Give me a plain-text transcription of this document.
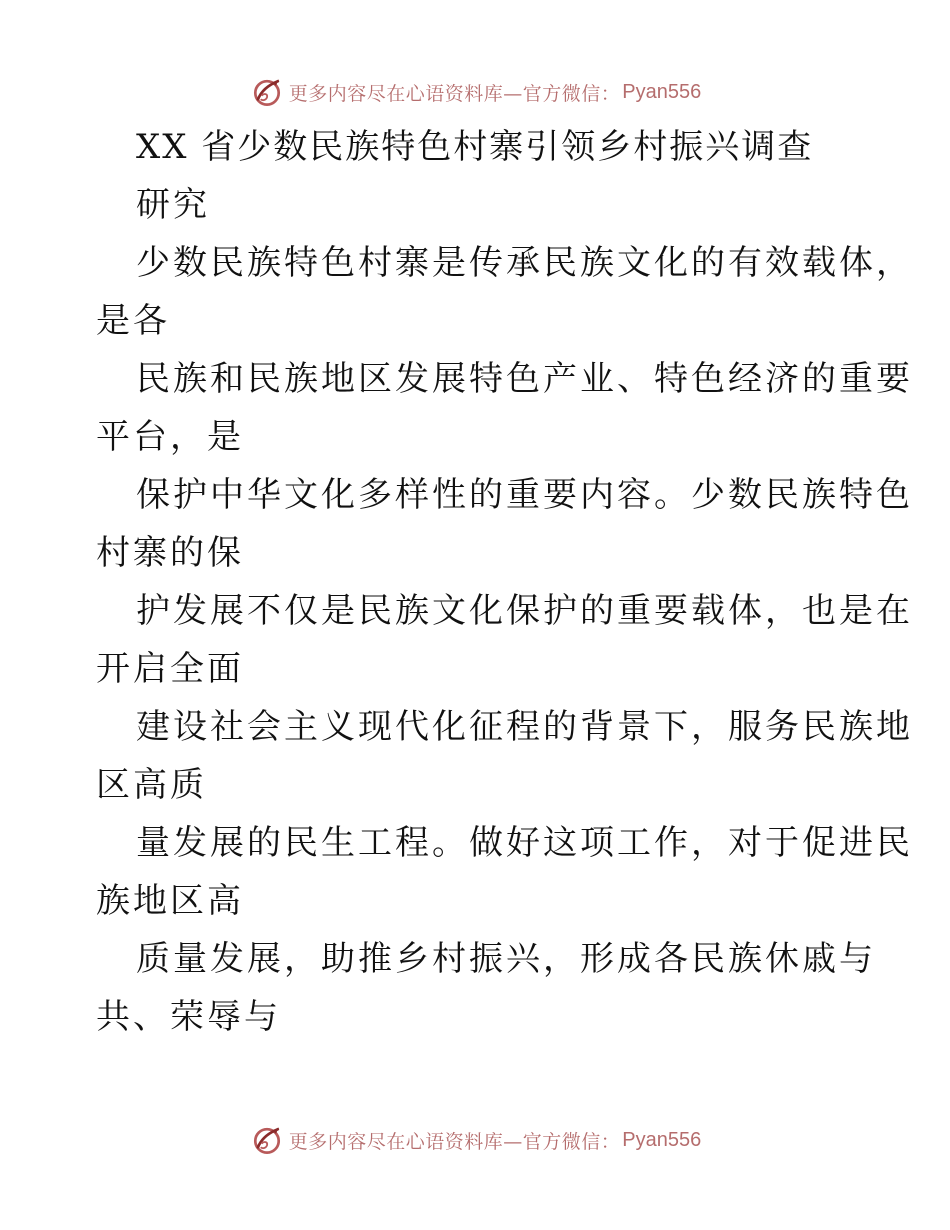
更多内容尽在心语资料库—官方微信： Pyan556
XX 省少数民族特色村寨引领乡村振兴调查
研究
少数民族特色村寨是传承民族文化的有效载体，
是各
民族和民族地区发展特色产业、特色经济的重要
平台，是
保护中华文化多样性的重要内容。少数民族特色
村寨的保
护发展不仅是民族文化保护的重要载体，也是在
开启全面
建设社会主义现代化征程的背景下，服务民族地
区高质
量发展的民生工程。做好这项工作，对于促进民
族地区高
质量发展，助推乡村振兴，形成各民族休戚与
共、荣辱与
更多内容尽在心语资料库—官方微信： Pyan556
